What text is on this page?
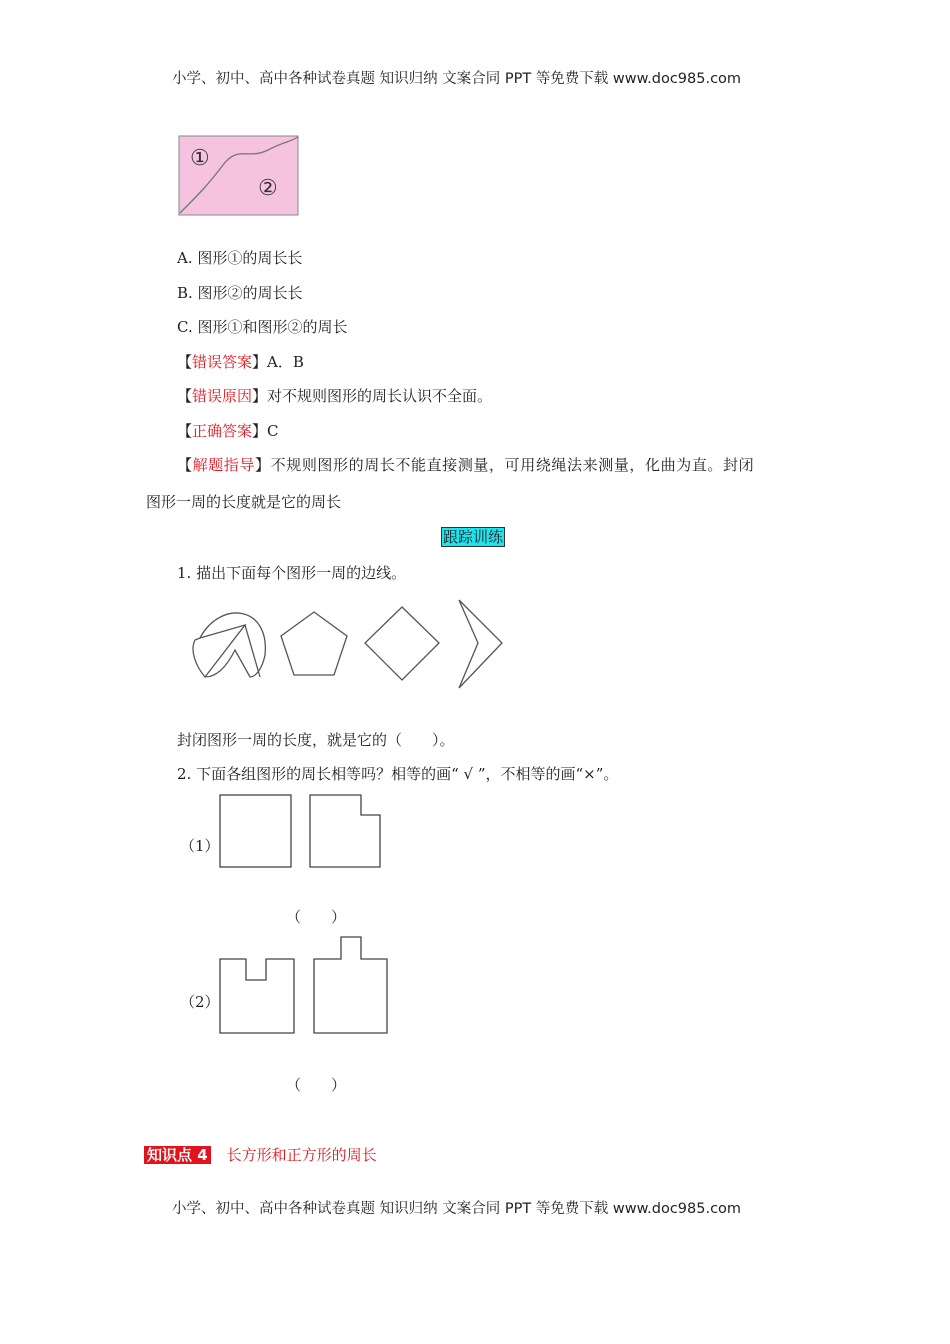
小学、初中、高中各种试卷真题 知识归纳 文案合同 PPT 等免费下载 www.doc985.com
①
②
A. 图形①的周长长
B. 图形②的周长长
C. 图形①和图形②的周长
【错误答案】A．B
【错误原因】对不规则图形的周长认识不全面。
【正确答案】C
【解题指导】不规则图形的周长不能直接测量，可用绕绳法来测量，化曲为直。封闭
图形一周的长度就是它的周长
跟踪训练
1. 描出下面每个图形一周的边线。
封闭图形一周的长度，就是它的（　　）。
2. 下面各组图形的周长相等吗？相等的画“ √ ”，不相等的画“×”。
（1）
（　　）
（2）
（　　）
知识点 4 长方形和正方形的周长
小学、初中、高中各种试卷真题 知识归纳 文案合同 PPT 等免费下载 www.doc985.com
